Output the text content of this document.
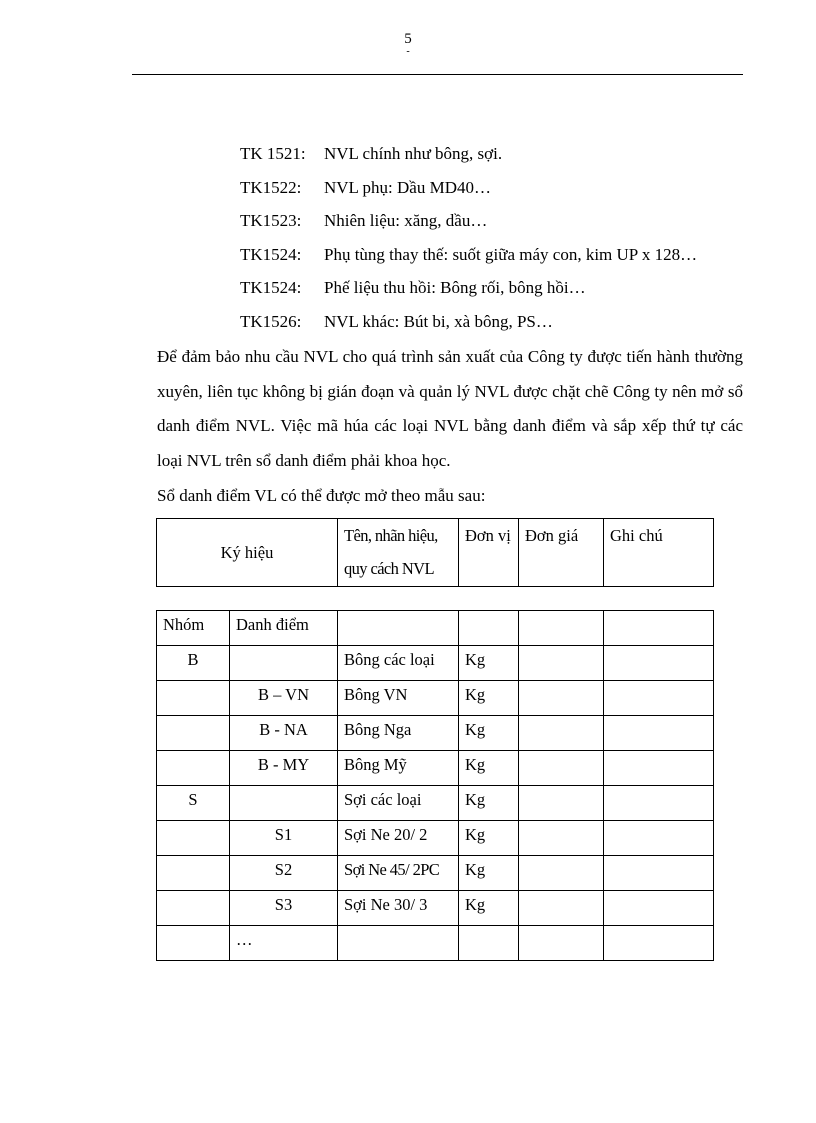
5
-
TK 1521: NVL chính như bông, sợi.
TK1522: NVL phụ: Dầu MD40…
TK1523: Nhiên liệu: xăng, dầu…
TK1524: Phụ tùng thay thế: suốt giữa máy con, kim UP x 128…
TK1524: Phế liệu thu hồi: Bông rối, bông hồi…
TK1526: NVL khác: Bút bi, xà bông, PS…

Để đảm bảo nhu cầu NVL cho quá trình sản xuất của Công ty được tiến hành thường xuyên, liên tục không bị gián đoạn và quản lý NVL được chặt chẽ Công ty nên mở sổ danh điểm NVL. Việc mã húa các loại NVL bằng danh điểm và sắp xếp thứ tự các loại NVL trên sổ danh điểm phải khoa học.

Sổ danh điểm VL có thể được mở theo mẫu sau:

Ký hiệu	Tên, nhãn hiệu, quy cách NVL	Đơn vị	Đơn giá	Ghi chú
Nhóm	Danh điểm				
B		Bông các loại	Kg		
	B – VN	Bông VN	Kg		
	B - NA	Bông Nga	Kg		
	B - MY	Bông Mỹ	Kg		
S		Sợi các loại	Kg		
	S1	Sợi Ne 20/ 2	Kg		
	S2	Sợi Ne 45/ 2PC	Kg		
	S3	Sợi Ne 30/ 3	Kg		
	…				
